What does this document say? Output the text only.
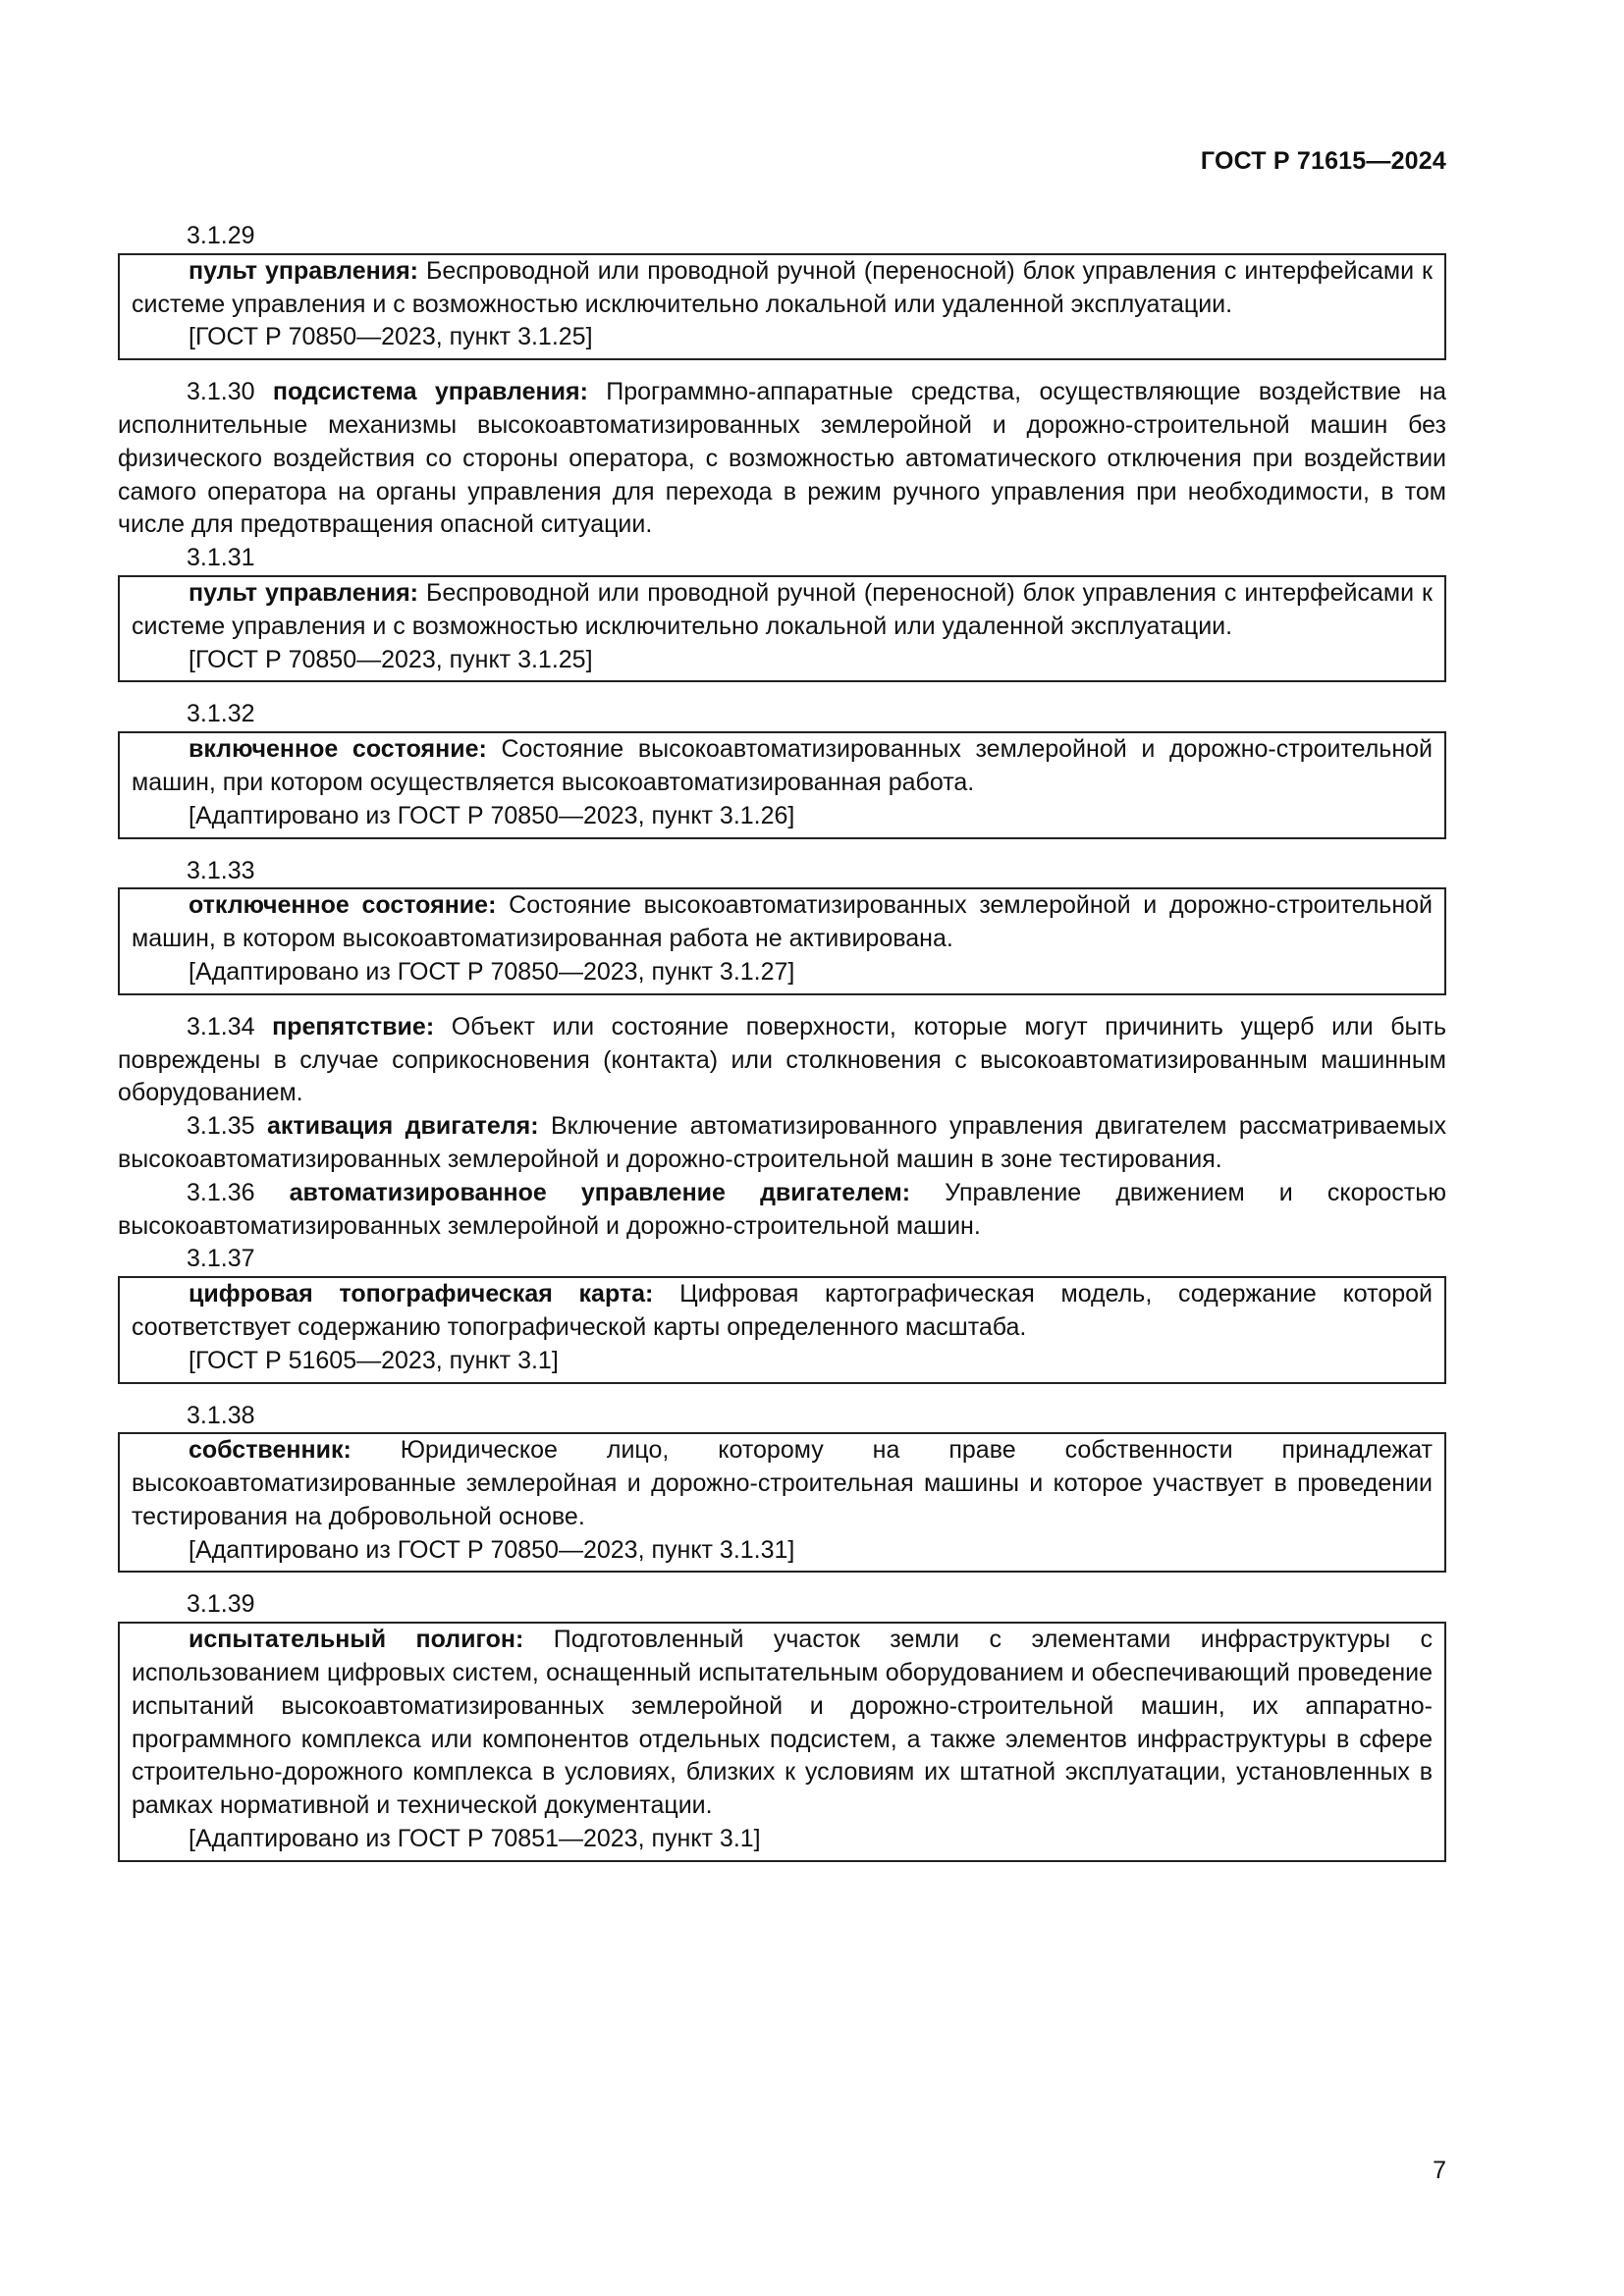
ГОСТ Р 71615—2024

3.1.29

пульт управления: Беспроводной или проводной ручной (переносной) блок управления с интерфейсами к системе управления и с возможностью исключительно локальной или удаленной эксплуатации.

[ГОСТ Р 70850—2023, пункт 3.1.25]

3.1.30 подсистема управления: Программно-аппаратные средства, осуществляющие воздействие на исполнительные механизмы высокоавтоматизированных землеройной и дорожно-строительной машин без физического воздействия со стороны оператора, с возможностью автоматического отключения при воздействии самого оператора на органы управления для перехода в режим ручного управления при необходимости, в том числе для предотвращения опасной ситуации.

3.1.31

пульт управления: Беспроводной или проводной ручной (переносной) блок управления с интерфейсами к системе управления и с возможностью исключительно локальной или удаленной эксплуатации.

[ГОСТ Р 70850—2023, пункт 3.1.25]

3.1.32

включенное состояние: Состояние высокоавтоматизированных землеройной и дорожно-строительной машин, при котором осуществляется высокоавтоматизированная работа.

[Адаптировано из ГОСТ Р 70850—2023, пункт 3.1.26]

3.1.33

отключенное состояние: Состояние высокоавтоматизированных землеройной и дорожно-строительной машин, в котором высокоавтоматизированная работа не активирована.

[Адаптировано из ГОСТ Р 70850—2023, пункт 3.1.27]

3.1.34 препятствие: Объект или состояние поверхности, которые могут причинить ущерб или быть повреждены в случае соприкосновения (контакта) или столкновения с высокоавтоматизированным машинным оборудованием.

3.1.35 активация двигателя: Включение автоматизированного управления двигателем рассматриваемых высокоавтоматизированных землеройной и дорожно-строительной машин в зоне тестирования.

3.1.36 автоматизированное управление двигателем: Управление движением и скоростью высокоавтоматизированных землеройной и дорожно-строительной машин.

3.1.37

цифровая топографическая карта: Цифровая картографическая модель, содержание которой соответствует содержанию топографической карты определенного масштаба.

[ГОСТ Р 51605—2023, пункт 3.1]

3.1.38

собственник: Юридическое лицо, которому на праве собственности принадлежат высокоавтоматизированные землеройная и дорожно-строительная машины и которое участвует в проведении тестирования на добровольной основе.

[Адаптировано из ГОСТ Р 70850—2023, пункт 3.1.31]

3.1.39

испытательный полигон: Подготовленный участок земли с элементами инфраструктуры с использованием цифровых систем, оснащенный испытательным оборудованием и обеспечивающий проведение испытаний высокоавтоматизированных землеройной и дорожно-строительной машин, их аппаратно-программного комплекса или компонентов отдельных подсистем, а также элементов инфраструктуры в сфере строительно-дорожного комплекса в условиях, близких к условиям их штатной эксплуатации, установленных в рамках нормативной и технической документации.

[Адаптировано из ГОСТ Р 70851—2023, пункт 3.1]

7
